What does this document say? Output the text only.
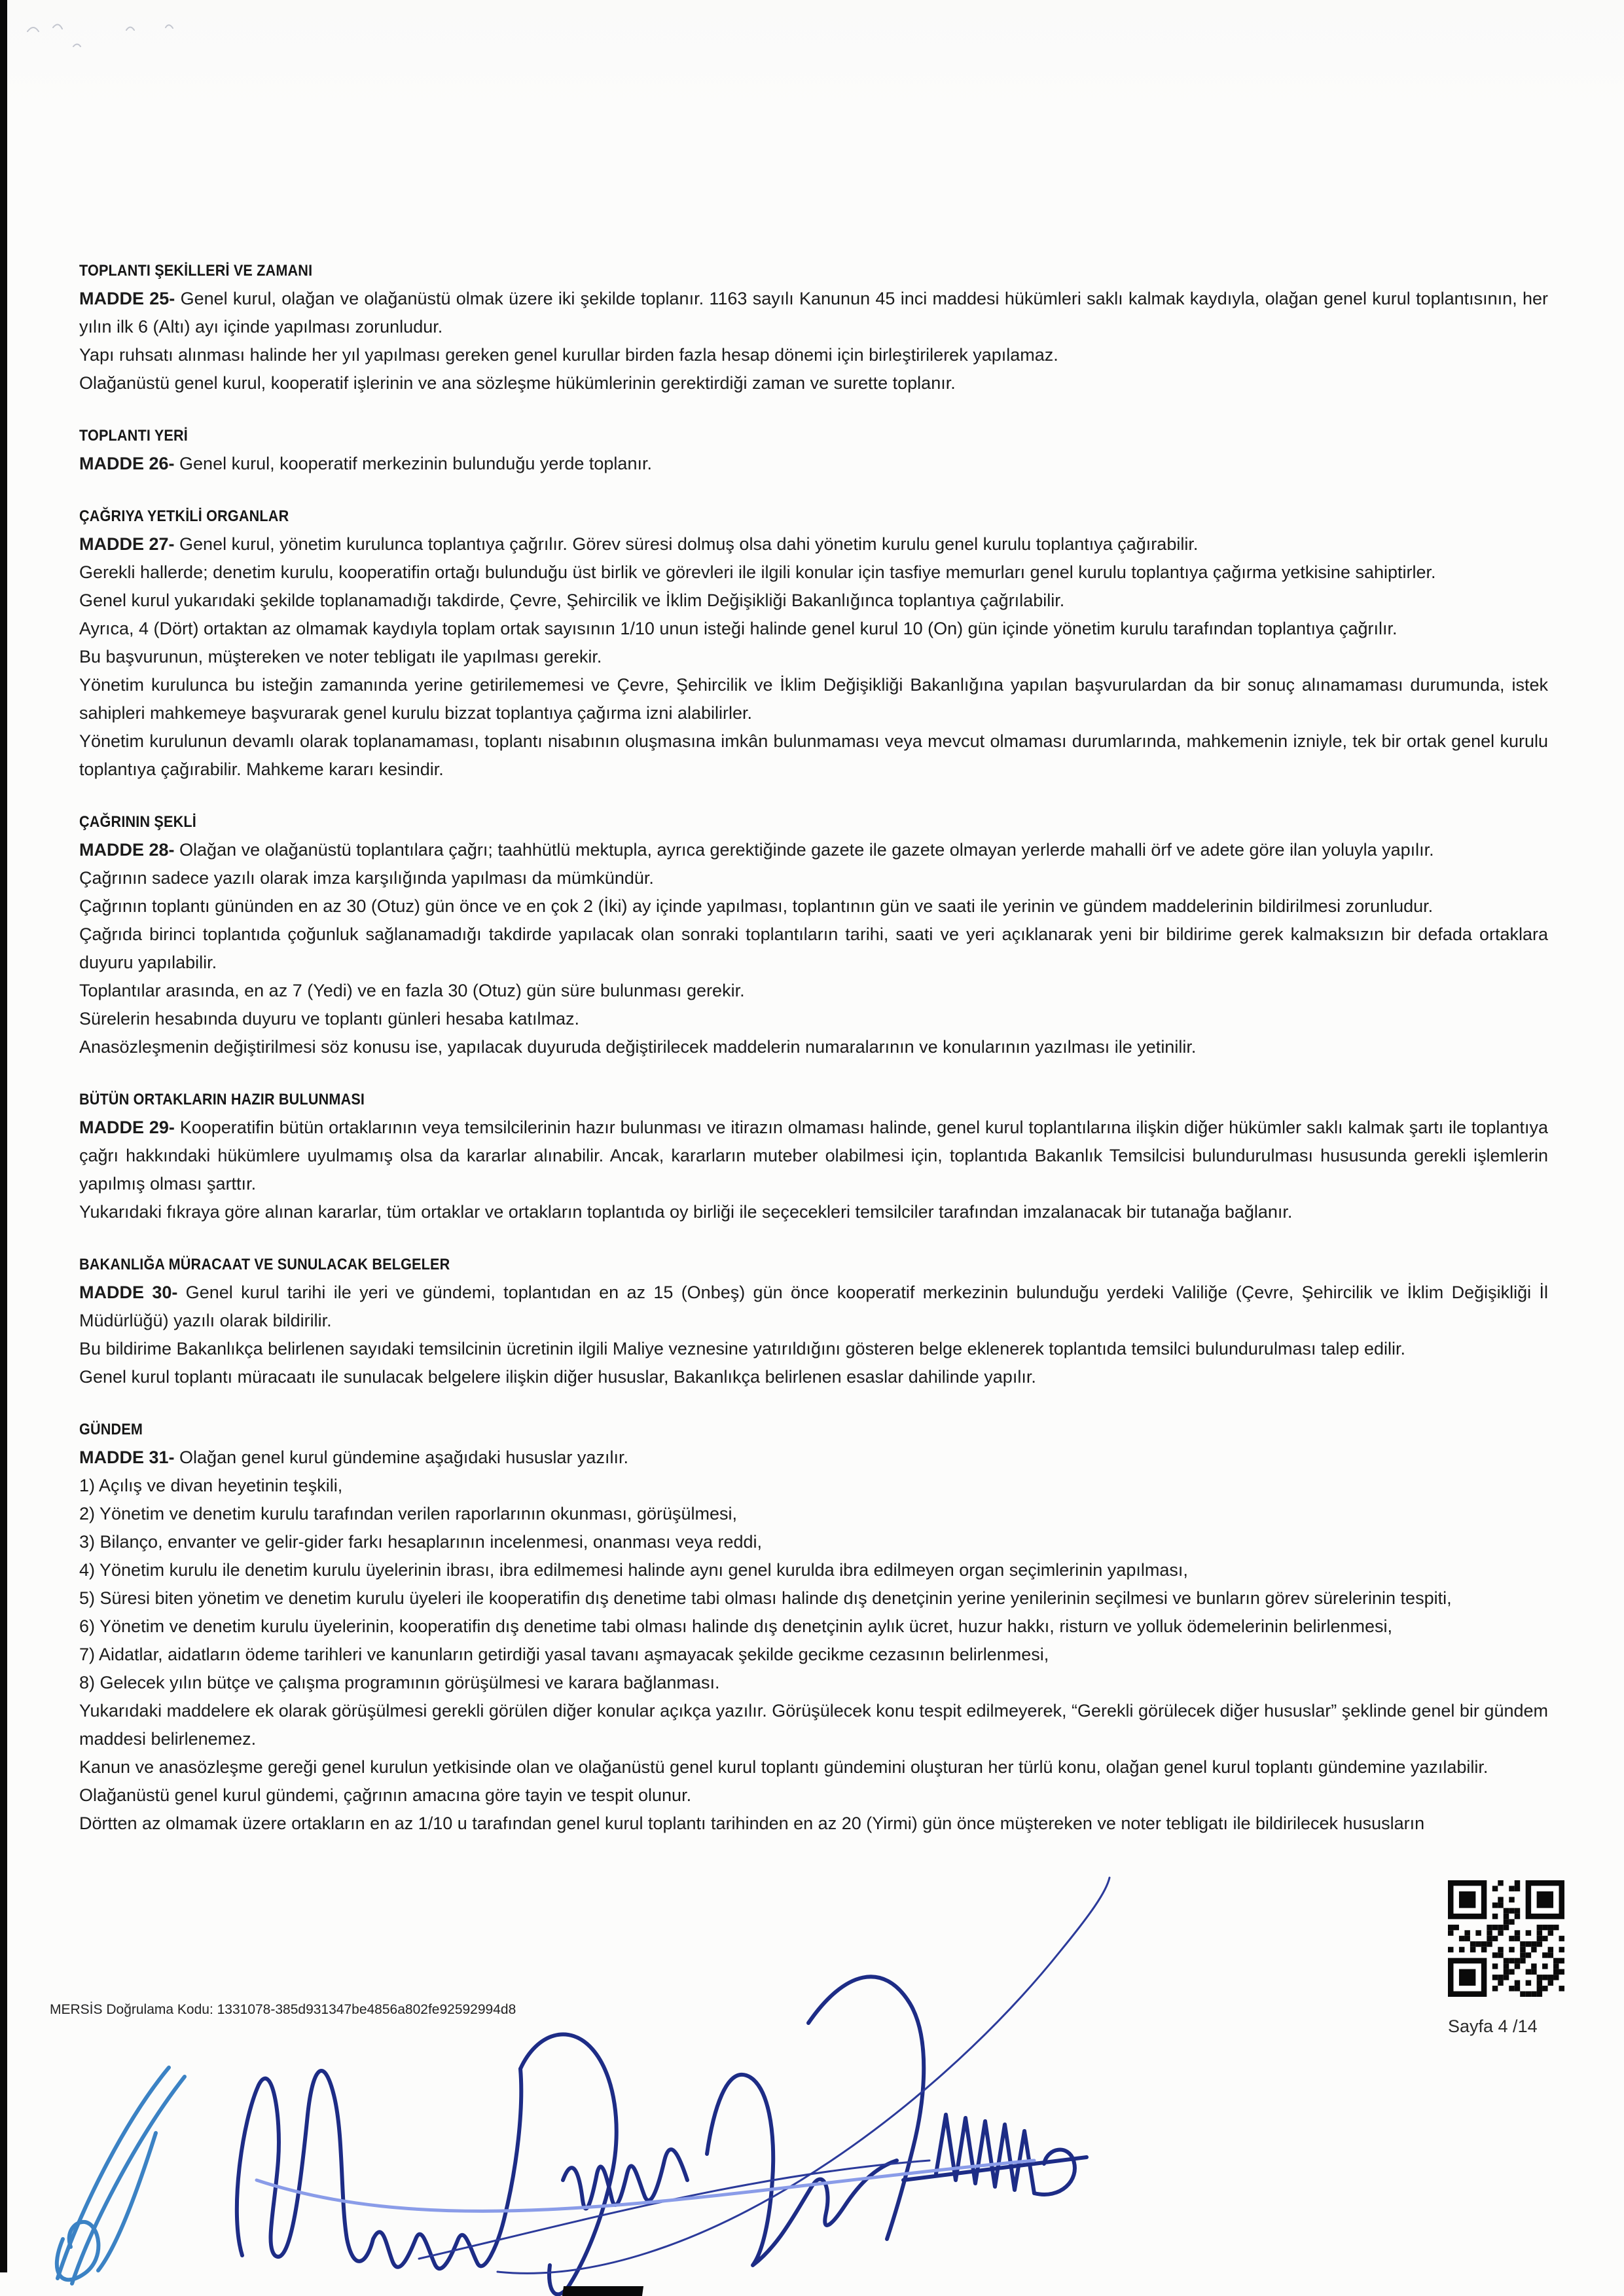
TOPLANTI ŞEKİLLERİ VE ZAMANI

MADDE 25- Genel kurul, olağan ve olağanüstü olmak üzere iki şekilde toplanır. 1163 sayılı Kanunun 45 inci maddesi hükümleri saklı kalmak kaydıyla, olağan genel kurul toplantısının, her yılın ilk 6 (Altı) ayı içinde yapılması zorunludur.

Yapı ruhsatı alınması halinde her yıl yapılması gereken genel kurullar birden fazla hesap dönemi için birleştirilerek yapılamaz.

Olağanüstü genel kurul, kooperatif işlerinin ve ana sözleşme hükümlerinin gerektirdiği zaman ve surette toplanır.

TOPLANTI YERİ

MADDE 26- Genel kurul, kooperatif merkezinin bulunduğu yerde toplanır.

ÇAĞRIYA YETKİLİ ORGANLAR

MADDE 27- Genel kurul, yönetim kurulunca toplantıya çağrılır. Görev süresi dolmuş olsa dahi yönetim kurulu genel kurulu toplantıya çağırabilir.

Gerekli hallerde; denetim kurulu, kooperatifin ortağı bulunduğu üst birlik ve görevleri ile ilgili konular için tasfiye memurları genel kurulu toplantıya çağırma yetkisine sahiptirler.

Genel kurul yukarıdaki şekilde toplanamadığı takdirde, Çevre, Şehircilik ve İklim Değişikliği Bakanlığınca toplantıya çağrılabilir.

Ayrıca, 4 (Dört) ortaktan az olmamak kaydıyla toplam ortak sayısının 1/10 unun isteği halinde genel kurul 10 (On) gün içinde yönetim kurulu tarafından toplantıya çağrılır.

Bu başvurunun, müştereken ve noter tebligatı ile yapılması gerekir.

Yönetim kurulunca bu isteğin zamanında yerine getirilememesi ve Çevre, Şehircilik ve İklim Değişikliği Bakanlığına yapılan başvurulardan da bir sonuç alınamaması durumunda, istek sahipleri mahkemeye başvurarak genel kurulu bizzat toplantıya çağırma izni alabilirler.

Yönetim kurulunun devamlı olarak toplanamaması, toplantı nisabının oluşmasına imkân bulunmaması veya mevcut olmaması durumlarında, mahkemenin izniyle, tek bir ortak genel kurulu toplantıya çağırabilir. Mahkeme kararı kesindir.

ÇAĞRININ ŞEKLİ

MADDE 28- Olağan ve olağanüstü toplantılara çağrı; taahhütlü mektupla, ayrıca gerektiğinde gazete ile gazete olmayan yerlerde mahalli örf ve adete göre ilan yoluyla yapılır.

Çağrının sadece yazılı olarak imza karşılığında yapılması da mümkündür.

Çağrının toplantı gününden en az 30 (Otuz) gün önce ve en çok 2 (İki) ay içinde yapılması, toplantının gün ve saati ile yerinin ve gündem maddelerinin bildirilmesi zorunludur.

Çağrıda birinci toplantıda çoğunluk sağlanamadığı takdirde yapılacak olan sonraki toplantıların tarihi, saati ve yeri açıklanarak yeni bir bildirime gerek kalmaksızın bir defada ortaklara duyuru yapılabilir.

Toplantılar arasında, en az 7 (Yedi) ve en fazla 30 (Otuz) gün süre bulunması gerekir.

Sürelerin hesabında duyuru ve toplantı günleri hesaba katılmaz.

Anasözleşmenin değiştirilmesi söz konusu ise, yapılacak duyuruda değiştirilecek maddelerin numaralarının ve konularının yazılması ile yetinilir.

BÜTÜN ORTAKLARIN HAZIR BULUNMASI

MADDE 29- Kooperatifin bütün ortaklarının veya temsilcilerinin hazır bulunması ve itirazın olmaması halinde, genel kurul toplantılarına ilişkin diğer hükümler saklı kalmak şartı ile toplantıya çağrı hakkındaki hükümlere uyulmamış olsa da kararlar alınabilir. Ancak, kararların muteber olabilmesi için, toplantıda Bakanlık Temsilcisi bulundurulması hususunda gerekli işlemlerin yapılmış olması şarttır.

Yukarıdaki fıkraya göre alınan kararlar, tüm ortaklar ve ortakların toplantıda oy birliği ile seçecekleri temsilciler tarafından imzalanacak bir tutanağa bağlanır.

BAKANLIĞA MÜRACAAT VE SUNULACAK BELGELER

MADDE 30- Genel kurul tarihi ile yeri ve gündemi, toplantıdan en az 15 (Onbeş) gün önce kooperatif merkezinin bulunduğu yerdeki Valiliğe (Çevre, Şehircilik ve İklim Değişikliği İl Müdürlüğü) yazılı olarak bildirilir.

Bu bildirime Bakanlıkça belirlenen sayıdaki temsilcinin ücretinin ilgili Maliye veznesine yatırıldığını gösteren belge eklenerek toplantıda temsilci bulundurulması talep edilir.

Genel kurul toplantı müracaatı ile sunulacak belgelere ilişkin diğer hususlar, Bakanlıkça belirlenen esaslar dahilinde yapılır.

GÜNDEM

MADDE 31- Olağan genel kurul gündemine aşağıdaki hususlar yazılır.

1) Açılış ve divan heyetinin teşkili,

2) Yönetim ve denetim kurulu tarafından verilen raporlarının okunması, görüşülmesi,

3) Bilanço, envanter ve gelir-gider farkı hesaplarının incelenmesi, onanması veya reddi,

4) Yönetim kurulu ile denetim kurulu üyelerinin ibrası, ibra edilmemesi halinde aynı genel kurulda ibra edilmeyen organ seçimlerinin yapılması,

5) Süresi biten yönetim ve denetim kurulu üyeleri ile kooperatifin dış denetime tabi olması halinde dış denetçinin yerine yenilerinin seçilmesi ve bunların görev sürelerinin tespiti,

6) Yönetim ve denetim kurulu üyelerinin, kooperatifin dış denetime tabi olması halinde dış denetçinin aylık ücret, huzur hakkı, risturn ve yolluk ödemelerinin belirlenmesi,

7) Aidatlar, aidatların ödeme tarihleri ve kanunların getirdiği yasal tavanı aşmayacak şekilde gecikme cezasının belirlenmesi,

8) Gelecek yılın bütçe ve çalışma programının görüşülmesi ve karara bağlanması.

Yukarıdaki maddelere ek olarak görüşülmesi gerekli görülen diğer konular açıkça yazılır. Görüşülecek konu tespit edilmeyerek, “Gerekli görülecek diğer hususlar” şeklinde genel bir gündem maddesi belirlenemez.

Kanun ve anasözleşme gereği genel kurulun yetkisinde olan ve olağanüstü genel kurul toplantı gündemini oluşturan her türlü konu, olağan genel kurul toplantı gündemine yazılabilir.

Olağanüstü genel kurul gündemi, çağrının amacına göre tayin ve tespit olunur.

Dörtten az olmamak üzere ortakların en az 1/10 u tarafından genel kurul toplantı tarihinden en az 20 (Yirmi) gün önce müştereken ve noter tebligatı ile bildirilecek hususların

MERSİS Doğrulama Kodu: 1331078-385d931347be4856a802fe92592994d8
Sayfa 4 /14
